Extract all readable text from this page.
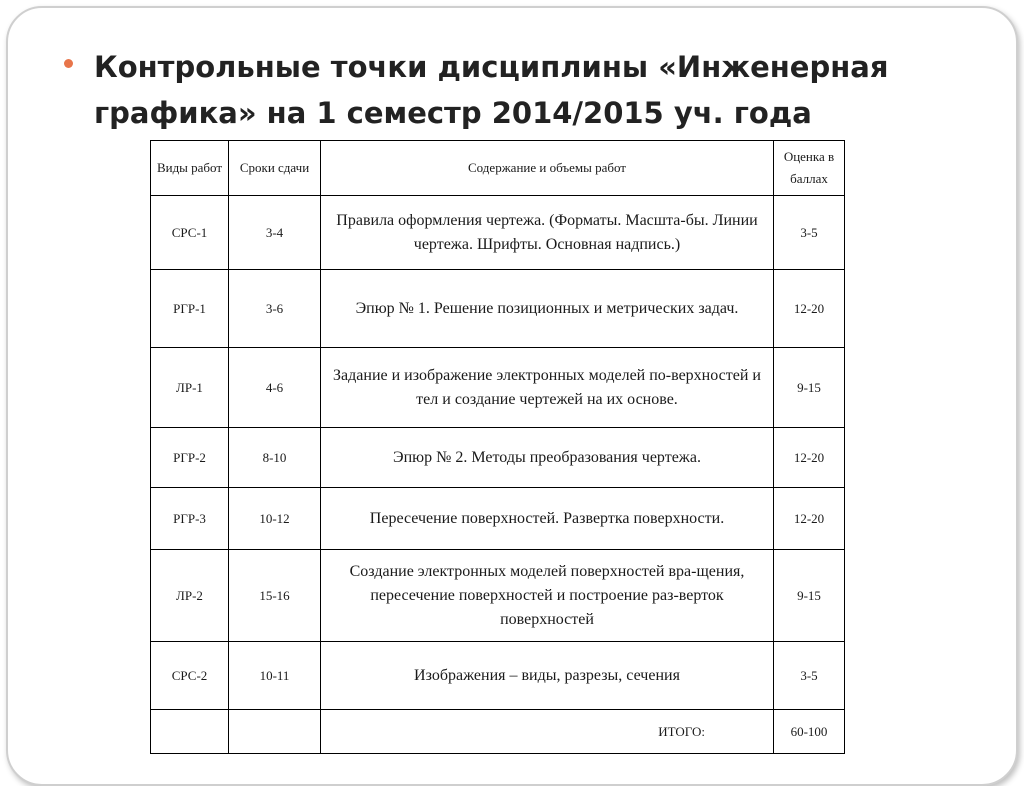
Контрольные точки дисциплины «Инженерная графика» на 1 семестр 2014/2015 уч. года
Виды работ	Сроки сдачи	Содержание и объемы работ	Оценка в баллах
СРС-1	3-4	Правила оформления чертежа. (Форматы. Масшта-бы. Линии чертежа. Шрифты. Основная надпись.)	3-5
РГР-1	3-6	Эпюр № 1. Решение позиционных и метрических задач.	12-20
ЛР-1	4-6	Задание и изображение электронных моделей по-верхностей и тел и создание чертежей на их основе.	9-15
РГР-2	8-10	Эпюр № 2. Методы преобразования чертежа.	12-20
РГР-3	10-12	Пересечение поверхностей. Развертка поверхности.	12-20
ЛР-2	15-16	Создание электронных моделей поверхностей вра-щения, пересечение поверхностей и построение раз-верток поверхностей	9-15
СРС-2	10-11	Изображения – виды, разрезы, сечения	3-5
		ИТОГО:	60-100
